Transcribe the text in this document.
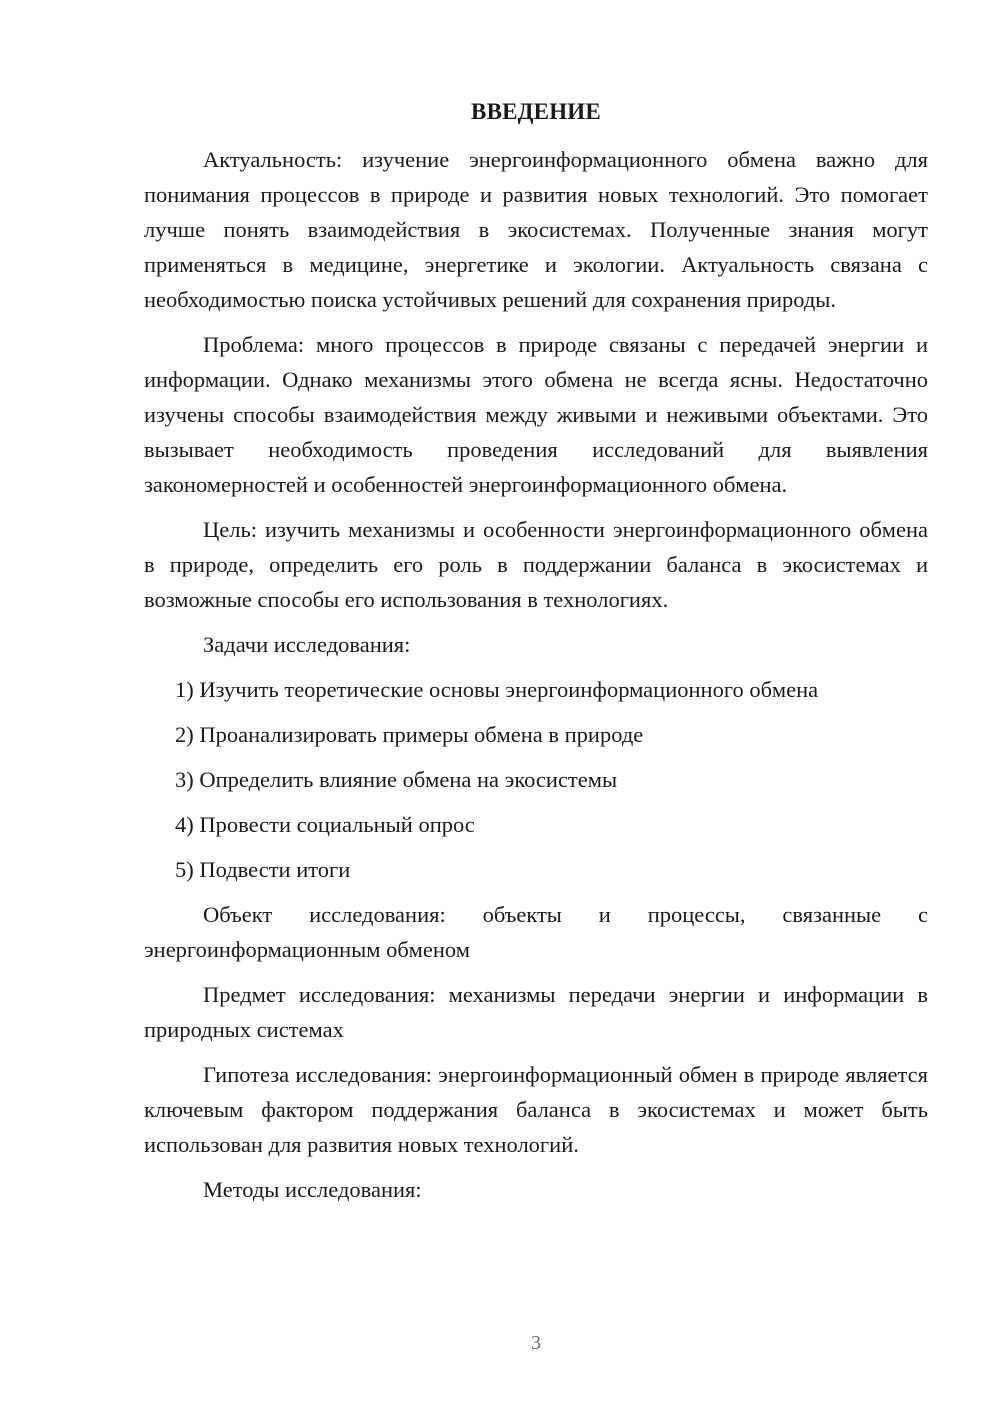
ВВЕДЕНИЕ

Актуальность: изучение энергоинформационного обмена важно для понимания процессов в природе и развития новых технологий. Это помогает лучше понять взаимодействия в экосистемах. Полученные знания могут применяться в медицине, энергетике и экологии. Актуальность связана с необходимостью поиска устойчивых решений для сохранения природы.

Проблема: много процессов в природе связаны с передачей энергии и информации. Однако механизмы этого обмена не всегда ясны. Недостаточно изучены способы взаимодействия между живыми и неживыми объектами. Это вызывает необходимость проведения исследований для выявления закономерностей и особенностей энергоинформационного обмена.

Цель: изучить механизмы и особенности энергоинформационного обмена в природе, определить его роль в поддержании баланса в экосистемах и возможные способы его использования в технологиях.

Задачи исследования:

1) Изучить теоретические основы энергоинформационного обмена
2) Проанализировать примеры обмена в природе
3) Определить влияние обмена на экосистемы
4) Провести социальный опрос
5) Подвести итоги

Объект исследования: объекты и процессы, связанные с энергоинформационным обменом

Предмет исследования: механизмы передачи энергии и информации в природных системах

Гипотеза исследования: энергоинформационный обмен в природе является ключевым фактором поддержания баланса в экосистемах и может быть использован для развития новых технологий.

Методы исследования:

3
